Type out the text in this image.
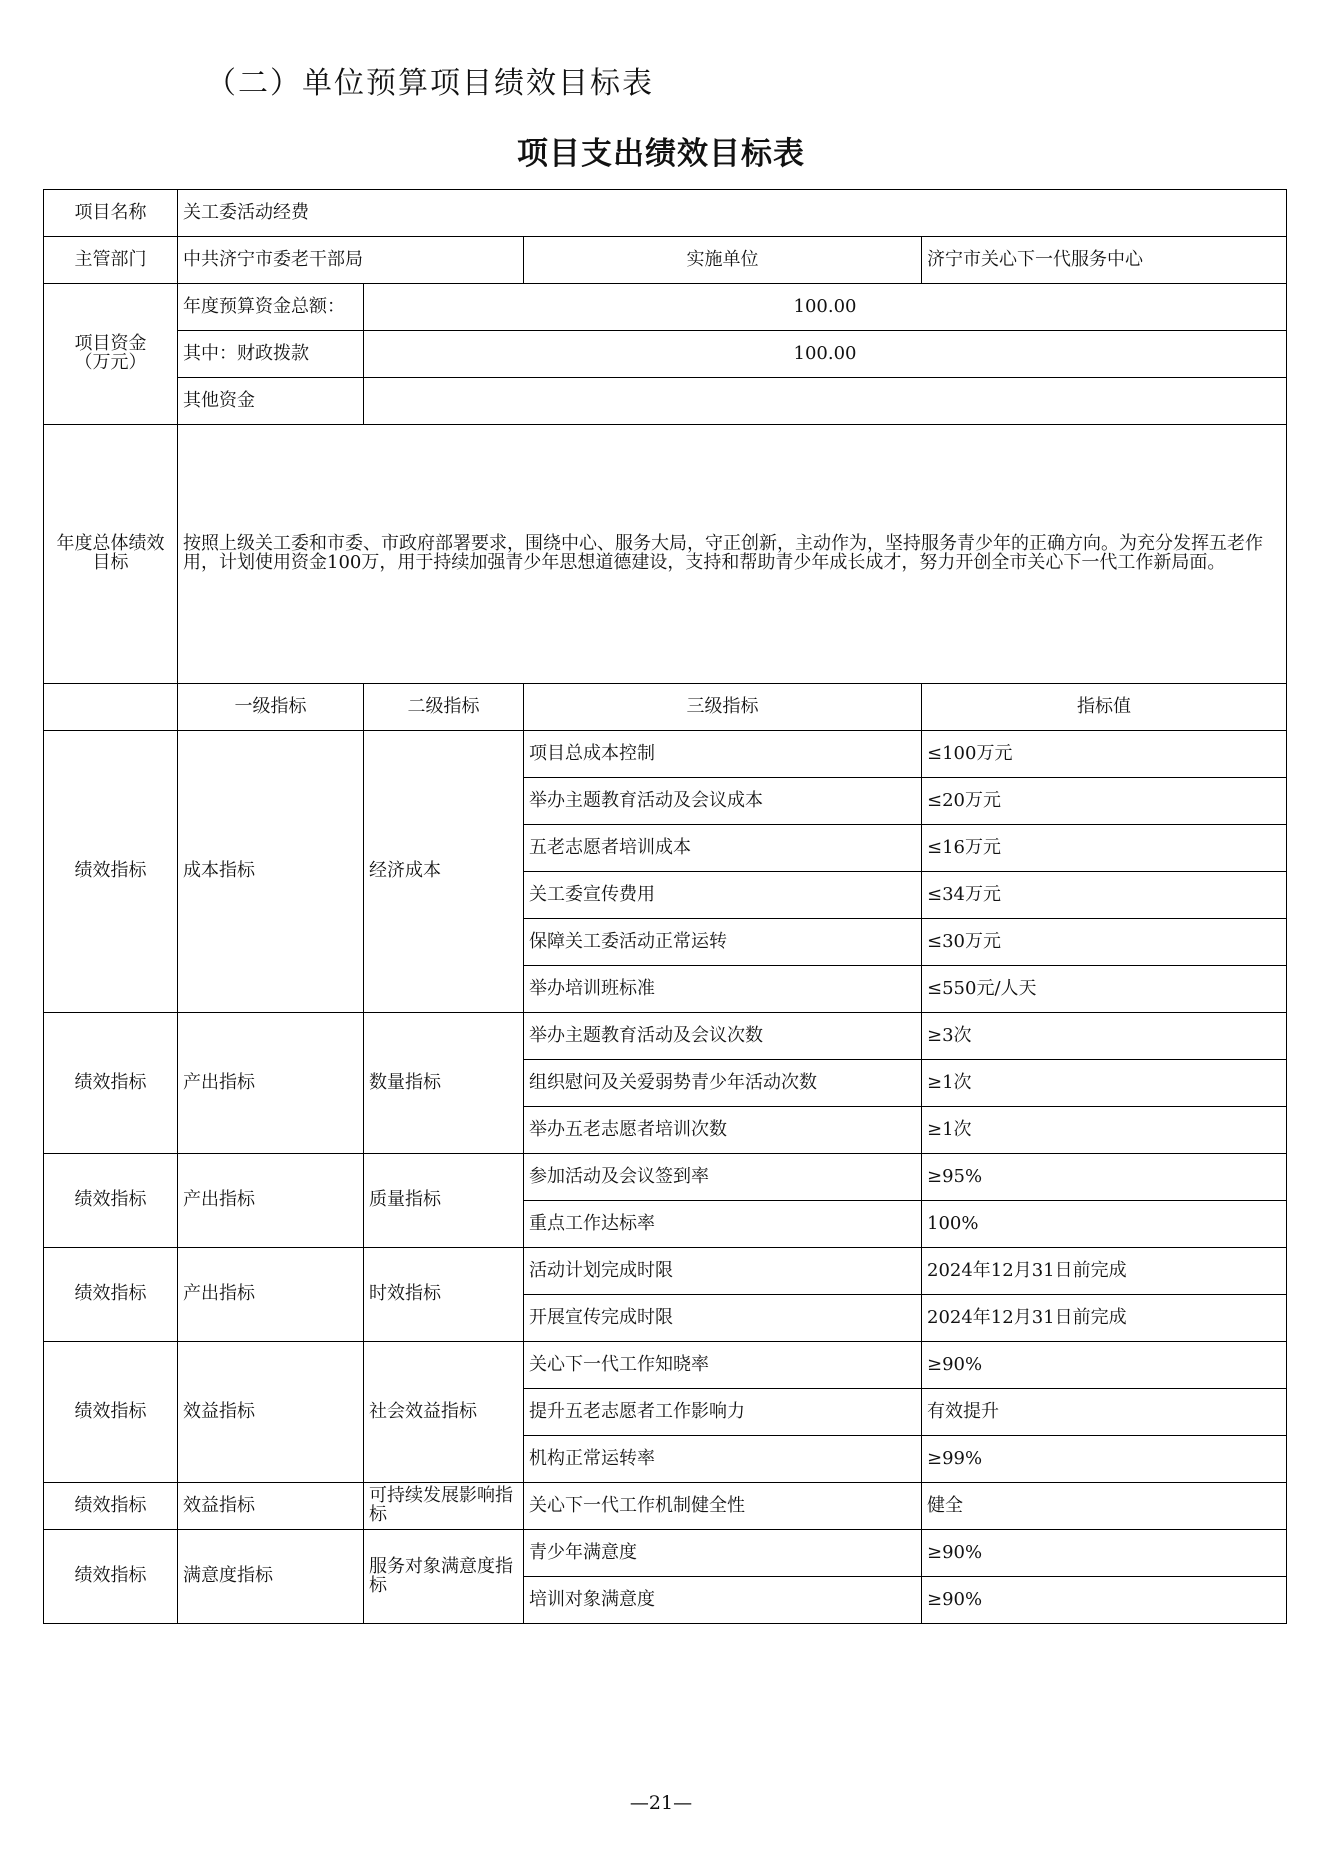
（二）单位预算项目绩效目标表
项目支出绩效目标表
项目名称	关工委活动经费			
主管部门	中共济宁市委老干部局		实施单位	济宁市关心下一代服务中心
项目资金
（万元）	年度预算资金总额：	100.00		
	其中：财政拨款	100.00		
	其他资金			
年度总体绩效目标	按照上级关工委和市委、市政府部署要求，围绕中心、服务大局，守正创新，主动作为，坚持服务青少年的正确方向。为充分发挥五老作用，计划使用资金100万，用于持续加强青少年思想道德建设，支持和帮助青少年成长成才，努力开创全市关心下一代工作新局面。			
	一级指标	二级指标	三级指标	指标值
绩效指标	成本指标	经济成本	项目总成本控制	≤100万元
			举办主题教育活动及会议成本	≤20万元
			五老志愿者培训成本	≤16万元
			关工委宣传费用	≤34万元
			保障关工委活动正常运转	≤30万元
			举办培训班标准	≤550元/人天
绩效指标	产出指标	数量指标	举办主题教育活动及会议次数	≥3次
			组织慰问及关爱弱势青少年活动次数	≥1次
			举办五老志愿者培训次数	≥1次
绩效指标	产出指标	质量指标	参加活动及会议签到率	≥95%
			重点工作达标率	100%
绩效指标	产出指标	时效指标	活动计划完成时限	2024年12月31日前完成
			开展宣传完成时限	2024年12月31日前完成
绩效指标	效益指标	社会效益指标	关心下一代工作知晓率	≥90%
			提升五老志愿者工作影响力	有效提升
			机构正常运转率	≥99%
绩效指标	效益指标	可持续发展影响指标	关心下一代工作机制健全性	健全
绩效指标	满意度指标	服务对象满意度指标	青少年满意度	≥90%
			培训对象满意度	≥90%
—21—
